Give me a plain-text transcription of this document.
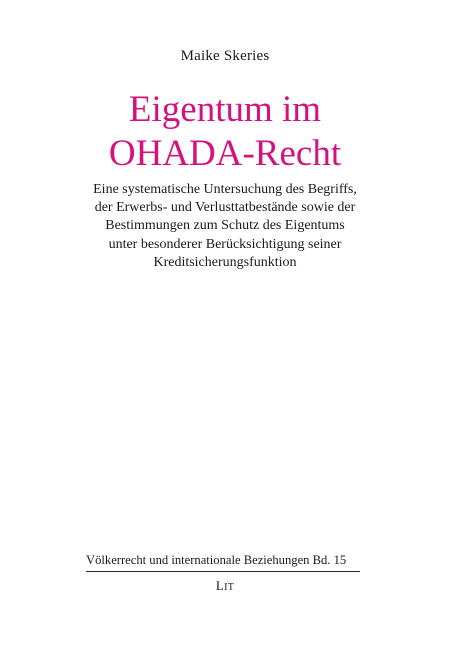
Maike Skeries
Eigentum im
OHADA-Recht
Eine systematische Untersuchung des Begriffs,
der Erwerbs- und Verlusttatbestände sowie der
Bestimmungen zum Schutz des Eigentums
unter besonderer Berücksichtigung seiner
Kreditsicherungsfunktion
Völkerrecht und internationale Beziehungen Bd. 15
LIT
